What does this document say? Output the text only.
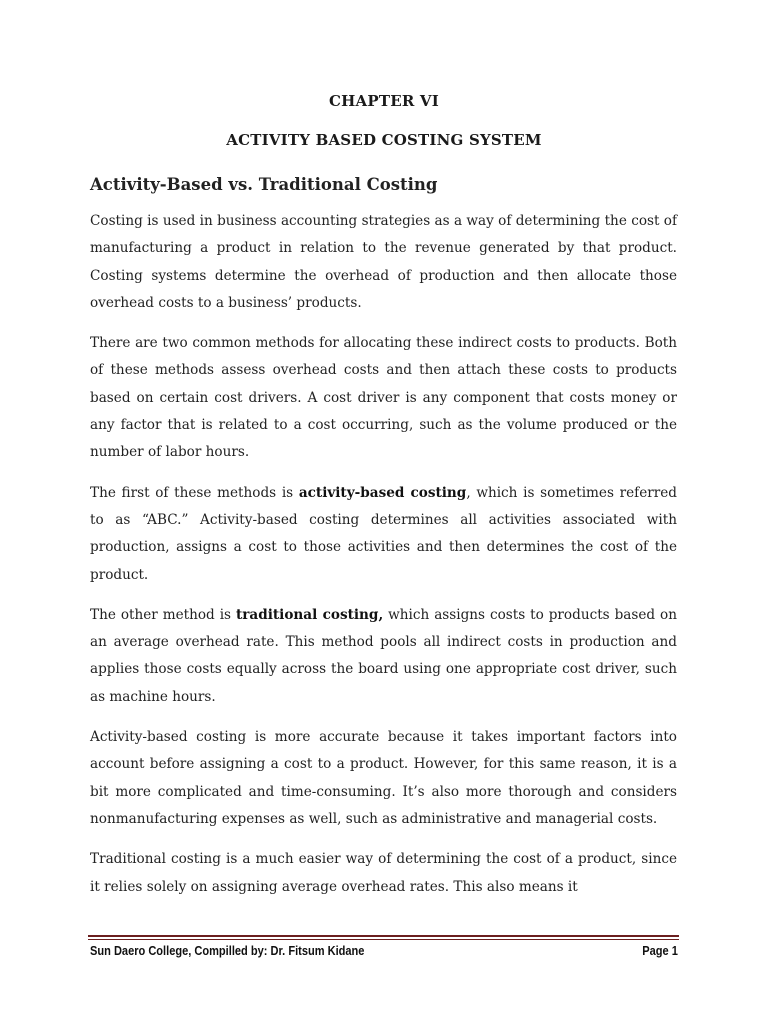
CHAPTER VI
ACTIVITY BASED COSTING SYSTEM
Activity-Based vs. Traditional Costing

Costing is used in business accounting strategies as a way of determining the cost of manufacturing a product in relation to the revenue generated by that product. Costing systems determine the overhead of production and then allocate those overhead costs to a business’ products.

There are two common methods for allocating these indirect costs to products. Both of these methods assess overhead costs and then attach these costs to products based on certain cost drivers. A cost driver is any component that costs money or any factor that is related to a cost occurring, such as the volume produced or the number of labor hours.

The first of these methods is activity-based costing, which is sometimes referred to as “ABC.” Activity-based costing determines all activities associated with production, assigns a cost to those activities and then determines the cost of the product.

The other method is traditional costing, which assigns costs to products based on an average overhead rate. This method pools all indirect costs in production and applies those costs equally across the board using one appropriate cost driver, such as machine hours.

Activity-based costing is more accurate because it takes important factors into account before assigning a cost to a product. However, for this same reason, it is a bit more complicated and time-consuming. It’s also more thorough and considers nonmanufacturing expenses as well, such as administrative and managerial costs.

Traditional costing is a much easier way of determining the cost of a product, since it relies solely on assigning average overhead rates. This also means it

Sun Daero College, Compilled by: Dr. Fitsum Kidane	Page 1
